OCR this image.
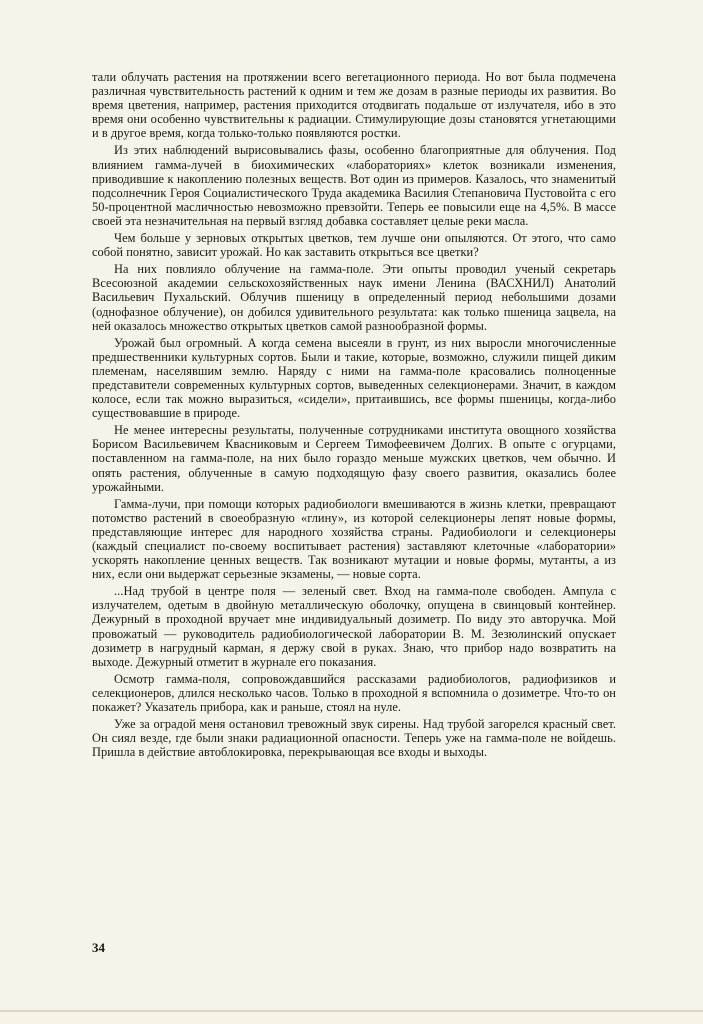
тали облучать растения на протяжении всего вегетационного периода. Но вот была подмечена различная чувствительность растений к одним и тем же дозам в разные периоды их развития. Во время цветения, например, растения приходится отодвигать подальше от излучателя, ибо в это время они особенно чувствительны к радиации. Стимулирующие дозы становятся угнетающими и в другое время, когда только-только появляются ростки.

Из этих наблюдений вырисовывались фазы, особенно благоприятные для облучения. Под влиянием гамма-лучей в биохимических «лабораториях» клеток возникали изменения, приводившие к накоплению полезных веществ. Вот один из примеров. Казалось, что знаменитый подсолнечник Героя Социалистического Труда академика Василия Степановича Пустовойта с его 50-процентной масличностью невозможно превзойти. Теперь ее повысили еще на 4,5%. В массе своей эта незначительная на первый взгляд добавка составляет целые реки масла.

Чем больше у зерновых открытых цветков, тем лучше они опыляются. От этого, что само собой понятно, зависит урожай. Но как заставить открыться все цветки?

На них повлияло облучение на гамма-поле. Эти опыты проводил ученый секретарь Всесоюзной академии сельскохозяйственных наук имени Ленина (ВАСХНИЛ) Анатолий Васильевич Пухальский. Облучив пшеницу в определенный период небольшими дозами (однофазное облучение), он добился удивительного результата: как только пшеница зацвела, на ней оказалось множество открытых цветков самой разнообразной формы.

Урожай был огромный. А когда семена высеяли в грунт, из них выросли многочисленные предшественники культурных сортов. Были и такие, которые, возможно, служили пищей диким племенам, населявшим землю. Наряду с ними на гамма-поле красовались полноценные представители современных культурных сортов, выведенных селекционерами. Значит, в каждом колосе, если так можно выразиться, «сидели», притаившись, все формы пшеницы, когда-либо существовавшие в природе.

Не менее интересны результаты, полученные сотрудниками института овощного хозяйства Борисом Васильевичем Квасниковым и Сергеем Тимофеевичем Долгих. В опыте с огурцами, поставленном на гамма-поле, на них было гораздо меньше мужских цветков, чем обычно. И опять растения, облученные в самую подходящую фазу своего развития, оказались более урожайными.

Гамма-лучи, при помощи которых радиобиологи вмешиваются в жизнь клетки, превращают потомство растений в своеобразную «глину», из которой селекционеры лепят новые формы, представляющие интерес для народного хозяйства страны. Радиобиологи и селекционеры (каждый специалист по-своему воспитывает растения) заставляют клеточные «лаборатории» ускорять накопление ценных веществ. Так возникают мутации и новые формы, мутанты, а из них, если они выдержат серьезные экзамены, — новые сорта.

...Над трубой в центре поля — зеленый свет. Вход на гамма-поле свободен. Ампула с излучателем, одетым в двойную металлическую оболочку, опущена в свинцовый контейнер. Дежурный в проходной вручает мне индивидуальный дозиметр. По виду это авторучка. Мой провожатый — руководитель радиобиологической лаборатории В. М. Зезюлинский опускает дозиметр в нагрудный карман, я держу свой в руках. Знаю, что прибор надо возвратить на выходе. Дежурный отметит в журнале его показания.

Осмотр гамма-поля, сопровождавшийся рассказами радиобиологов, радиофизиков и селекционеров, длился несколько часов. Только в проходной я вспомнила о дозиметре. Что-то он покажет? Указатель прибора, как и раньше, стоял на нуле.

Уже за оградой меня остановил тревожный звук сирены. Над трубой загорелся красный свет. Он сиял везде, где были знаки радиационной опасности. Теперь уже на гамма-поле не войдешь. Пришла в действие автоблокировка, перекрывающая все входы и выходы.

34
